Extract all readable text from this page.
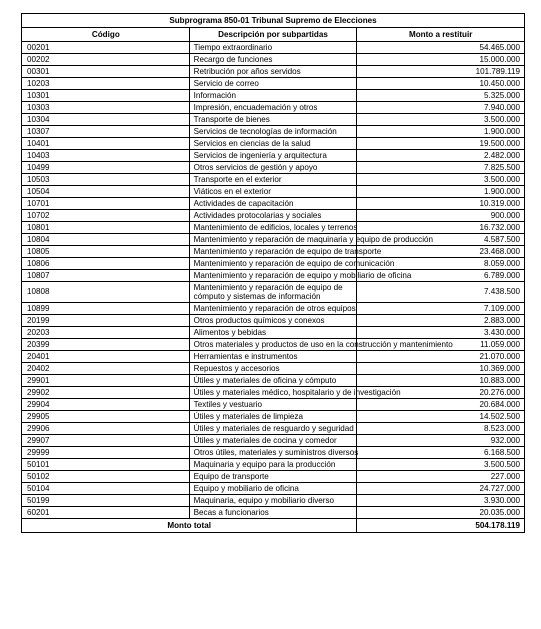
Subprograma 850-01 Tribunal Supremo de Elecciones		
Código	Descripción por subpartidas	Monto a restituir
00201	Tiempo extraordinario	54.465.000
00202	Recargo de funciones	15.000.000
00301	Retribución por años servidos	101.789.119
10203	Servicio de correo	10.450.000
10301	Información	5.325.000
10303	Impresión, encuademación y otros	7.940.000
10304	Transporte de bienes	3.500.000
10307	Servicios de tecnologías de información	1.900.000
10401	Servicios en ciencias de la salud	19.500.000
10403	Servicios de ingeniería y arquitectura	2.482.000
10499	Otros servicios de gestión y apoyo	7.825.500
10503	Transporte en el exterior	3.500.000
10504	Viáticos en el exterior	1.900.000
10701	Actividades de capacitación	10.319.000
10702	Actividades protocolarias y sociales	900.000
10801	Mantenimiento de edificios, locales y terrenos	16.732.000
10804	Mantenimiento y reparación de maquinaria y equipo de producción	4.587.500
10805	Mantenimiento y reparación de equipo de transporte	23.468.000
10806	Mantenimiento y reparación de equipo de comunicación	8.059.000
10807	Mantenimiento y reparación de equipo y mobiliario de oficina	6.789.000
10808	Mantenimiento y reparación de equipo de cómputo y sistemas de información	7.438.500
10899	Mantenimiento y reparación de otros equipos	7.109.000
20199	Otros productos químicos y conexos	2.883.000
20203	Alimentos y bebidas	3.430.000
20399	Otros materiales y productos de uso en la construcción y mantenimiento	11.059.000
20401	Herramientas e instrumentos	21.070.000
20402	Repuestos y accesorios	10.369.000
29901	Útiles y materiales de oficina y cómputo	10.883.000
29902	Útiles y materiales médico, hospitalario y de investigación	20.276.000
29904	Textiles y vestuario	20.684.000
29905	Útiles y materiales de limpieza	14.502.500
29906	Útiles y materiales de resguardo y seguridad	8.523.000
29907	Útiles y materiales de cocina y comedor	932.000
29999	Otros útiles, materiales y suministros diversos	6.168.500
50101	Maquinaria y equipo para la producción	3.500.500
50102	Equipo de transporte	227.000
50104	Equipo y mobiliario de oficina	24.727.000
50199	Maquinaria, equipo y mobiliario diverso	3.930.000
60201	Becas a funcionarios	20.035.000
Monto total		504.178.119
